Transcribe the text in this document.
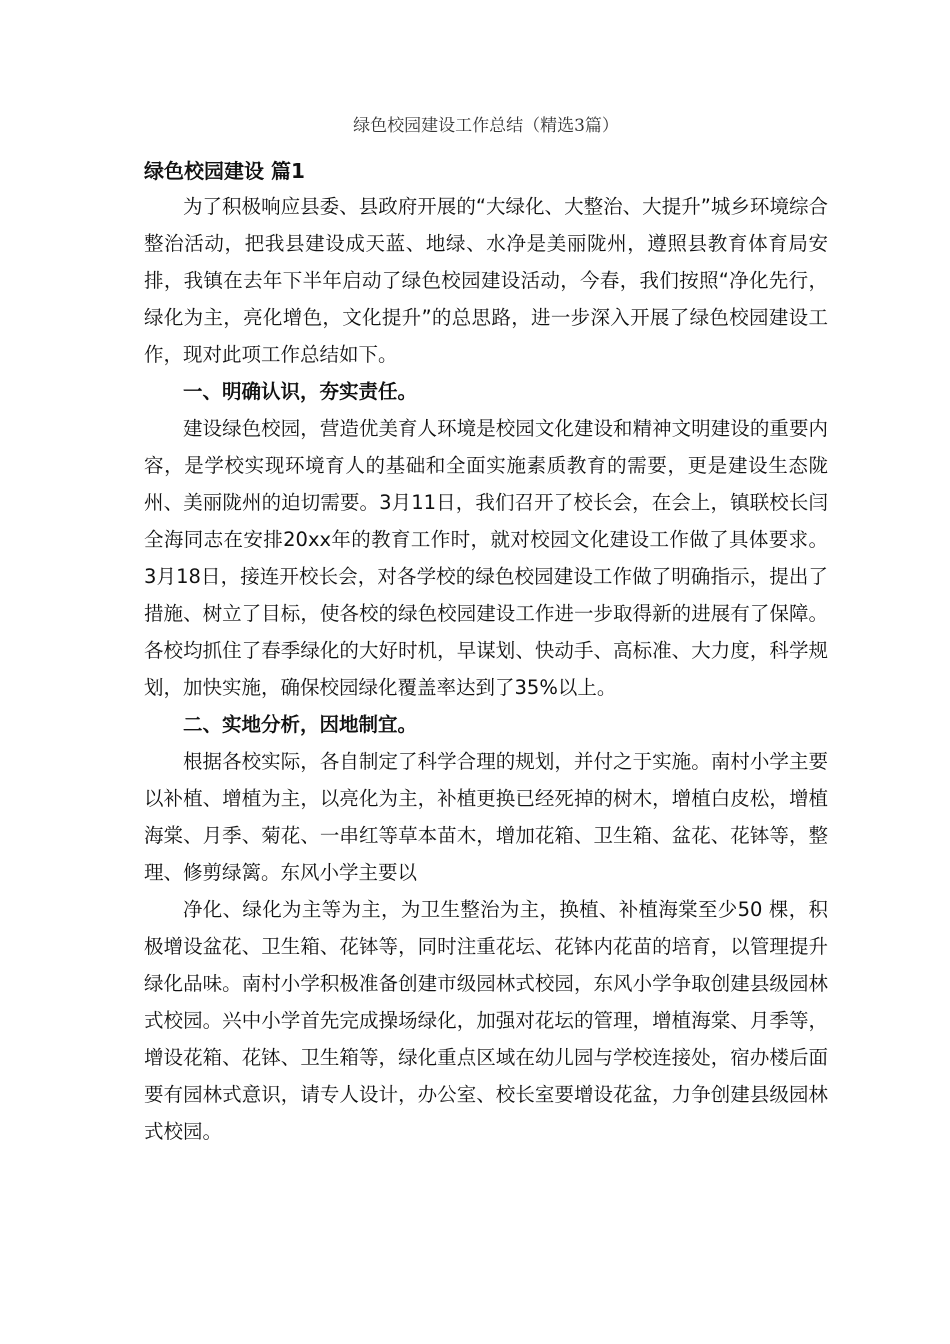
绿色校园建设工作总结（精选3篇）
绿色校园建设 篇1

为了积极响应县委、县政府开展的“大绿化、大整治、大提升”城乡环境综合整治活动，把我县建设成天蓝、地绿、水净是美丽陇州，遵照县教育体育局安排，我镇在去年下半年启动了绿色校园建设活动，今春，我们按照“净化先行，绿化为主，亮化增色，文化提升”的总思路，进一步深入开展了绿色校园建设工作，现对此项工作总结如下。

一、明确认识，夯实责任。

建设绿色校园，营造优美育人环境是校园文化建设和精神文明建设的重要内容，是学校实现环境育人的基础和全面实施素质教育的需要，更是建设生态陇州、美丽陇州的迫切需要。3月11日，我们召开了校长会，在会上，镇联校长闫全海同志在安排20xx年的教育工作时，就对校园文化建设工作做了具体要求。3月18日，接连开校长会，对各学校的绿色校园建设工作做了明确指示，提出了措施、树立了目标，使各校的绿色校园建设工作进一步取得新的进展有了保障。各校均抓住了春季绿化的大好时机，早谋划、快动手、高标准、大力度，科学规划，加快实施，确保校园绿化覆盖率达到了35%以上。

二、实地分析，因地制宜。

根据各校实际，各自制定了科学合理的规划，并付之于实施。南村小学主要以补植、增植为主，以亮化为主，补植更换已经死掉的树木，增植白皮松，增植海棠、月季、菊花、一串红等草本苗木，增加花箱、卫生箱、盆花、花钵等，整理、修剪绿篱。东风小学主要以

净化、绿化为主等为主，为卫生整治为主，换植、补植海棠至少50 棵，积极增设盆花、卫生箱、花钵等，同时注重花坛、花钵内花苗的培育，以管理提升绿化品味。南村小学积极准备创建市级园林式校园，东风小学争取创建县级园林式校园。兴中小学首先完成操场绿化，加强对花坛的管理，增植海棠、月季等，增设花箱、花钵、卫生箱等，绿化重点区域在幼儿园与学校连接处，宿办楼后面要有园林式意识，请专人设计，办公室、校长室要增设花盆，力争创建县级园林式校园。
